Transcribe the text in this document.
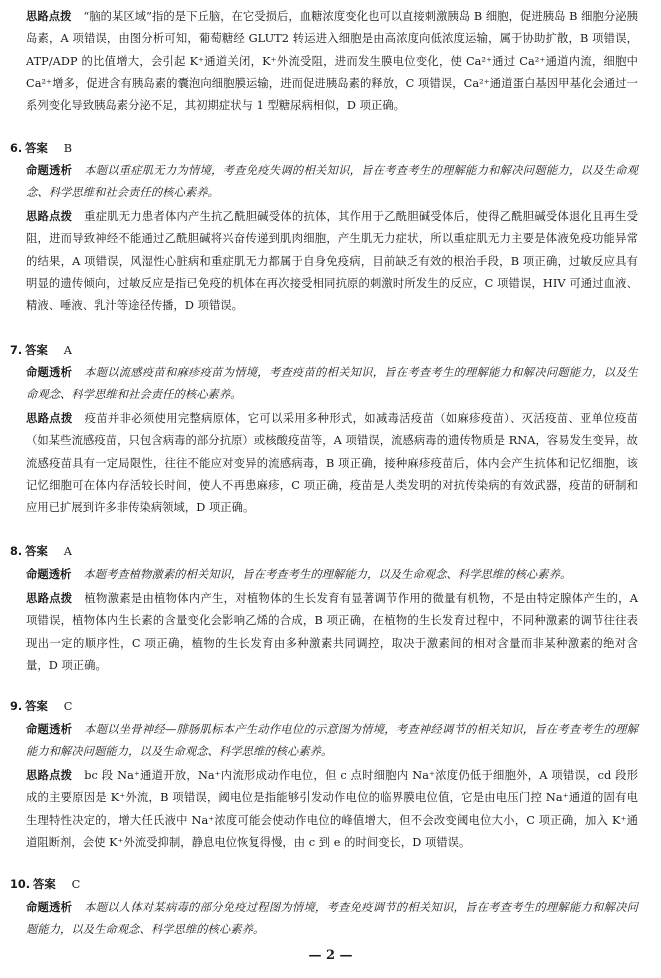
思路点拨 “脑的某区域”指的是下丘脑，在它受损后，血糖浓度变化也可以直接刺激胰岛 B 细胞，促进胰岛 B 细胞分泌胰岛素，A 项错误，由图分析可知，葡萄糖经 GLUT2 转运进入细胞是由高浓度向低浓度运输，属于协助扩散，B 项错误，ATP/ADP 的比值增大，会引起 K⁺通道关闭，K⁺外流受阻，进而发生膜电位变化，使 Ca²⁺通过 Ca²⁺通道内流，细胞中 Ca²⁺增多，促进含有胰岛素的囊泡向细胞膜运输，进而促进胰岛素的释放，C 项错误，Ca²⁺通道蛋白基因甲基化会通过一系列变化导致胰岛素分泌不足，其初期症状与 1 型糖尿病相似，D 项正确。
6. 答案 B
命题透析 本题以重症肌无力为情境，考查免疫失调的相关知识，旨在考查考生的理解能力和解决问题能力，以及生命观念、科学思维和社会责任的核心素养。
思路点拨 重症肌无力患者体内产生抗乙酰胆碱受体的抗体，其作用于乙酰胆碱受体后，使得乙酰胆碱受体退化且再生受阻，进而导致神经不能通过乙酰胆碱将兴奋传递到肌肉细胞，产生肌无力症状，所以重症肌无力主要是体液免疫功能异常的结果，A 项错误，风湿性心脏病和重症肌无力都属于自身免疫病，目前缺乏有效的根治手段，B 项正确，过敏反应具有明显的遗传倾向，过敏反应是指已免疫的机体在再次接受相同抗原的刺激时所发生的反应，C 项错误，HIV 可通过血液、精液、唾液、乳汁等途径传播，D 项错误。
7. 答案 A
命题透析 本题以流感疫苗和麻疹疫苗为情境，考查疫苗的相关知识，旨在考查考生的理解能力和解决问题能力，以及生命观念、科学思维和社会责任的核心素养。
思路点拨 疫苗并非必须使用完整病原体，它可以采用多种形式，如减毒活疫苗（如麻疹疫苗）、灭活疫苗、亚单位疫苗（如某些流感疫苗，只包含病毒的部分抗原）或核酸疫苗等，A 项错误，流感病毒的遗传物质是 RNA，容易发生变异，故流感疫苗具有一定局限性，往往不能应对变异的流感病毒，B 项正确，接种麻疹疫苗后，体内会产生抗体和记忆细胞，该记忆细胞可在体内存活较长时间，使人不再患麻疹，C 项正确，疫苗是人类发明的对抗传染病的有效武器，疫苗的研制和应用已扩展到许多非传染病领域，D 项正确。
8. 答案 A
命题透析 本题考查植物激素的相关知识，旨在考查考生的理解能力，以及生命观念、科学思维的核心素养。
思路点拨 植物激素是由植物体内产生，对植物体的生长发育有显著调节作用的微量有机物，不是由特定腺体产生的，A 项错误，植物体内生长素的含量变化会影响乙烯的合成，B 项正确，在植物的生长发育过程中，不同种激素的调节往往表现出一定的顺序性，C 项正确，植物的生长发育由多种激素共同调控，取决于激素间的相对含量而非某种激素的绝对含量，D 项正确。
9. 答案 C
命题透析 本题以坐骨神经—腓肠肌标本产生动作电位的示意图为情境，考查神经调节的相关知识，旨在考查考生的理解能力和解决问题能力，以及生命观念、科学思维的核心素养。
思路点拨 bc 段 Na⁺通道开放，Na⁺内流形成动作电位，但 c 点时细胞内 Na⁺浓度仍低于细胞外，A 项错误，cd 段形成的主要原因是 K⁺外流，B 项错误，阈电位是指能够引发动作电位的临界膜电位值，它是由电压门控 Na⁺通道的固有电生理特性决定的，增大任氏液中 Na⁺浓度可能会使动作电位的峰值增大，但不会改变阈电位大小，C 项正确，加入 K⁺通道阻断剂，会使 K⁺外流受抑制，静息电位恢复得慢，由 c 到 e 的时间变长，D 项错误。
10. 答案 C
命题透析 本题以人体对某病毒的部分免疫过程图为情境，考查免疫调节的相关知识，旨在考查考生的理解能力和解决问题能力，以及生命观念、科学思维的核心素养。
— 2 —
